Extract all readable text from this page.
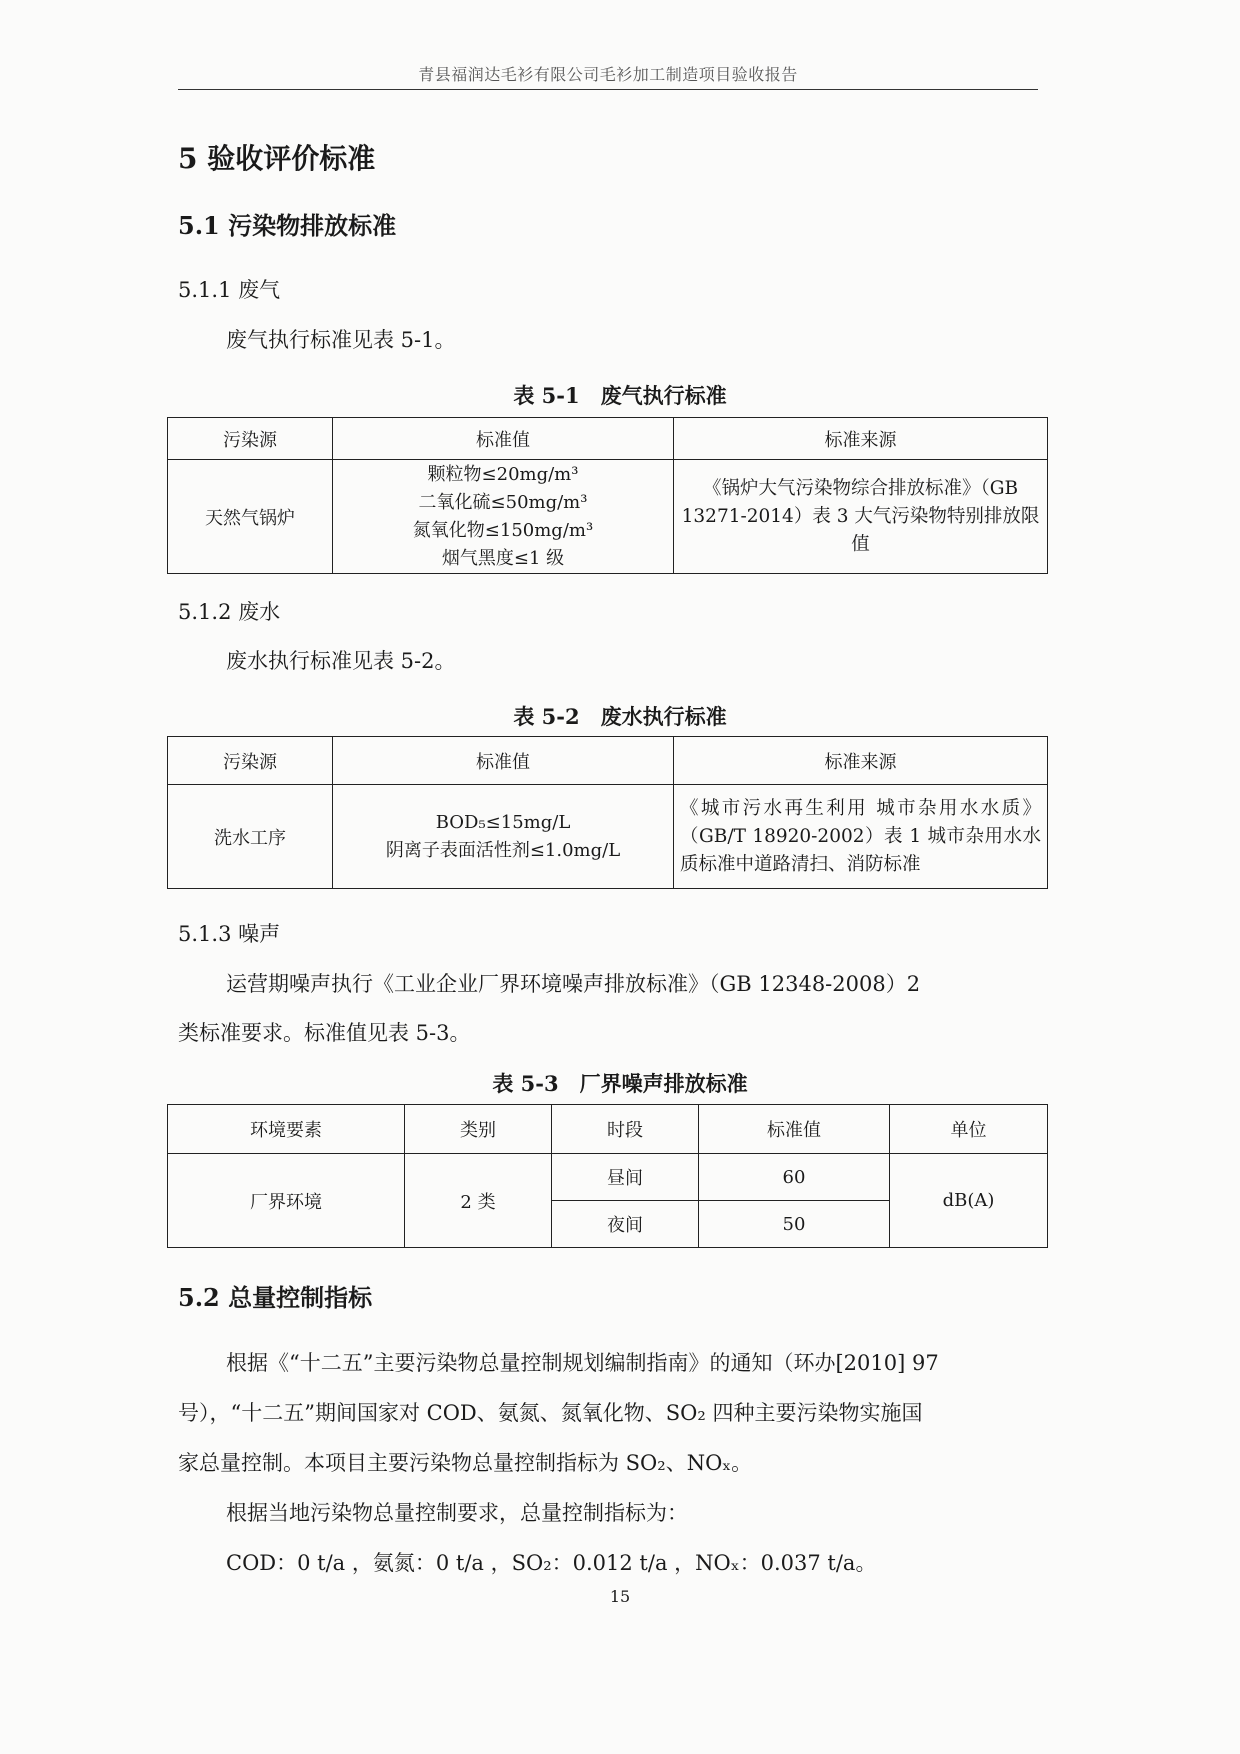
青县福润达毛衫有限公司毛衫加工制造项目验收报告
5 验收评价标准
5.1 污染物排放标准
5.1.1 废气
废气执行标准见表 5-1。
表 5-1　废气执行标准
污染源	标准值	标准来源
天然气锅炉	颗粒物≤20mg/m³
二氧化硫≤50mg/m³
氮氧化物≤150mg/m³
烟气黑度≤1 级	《锅炉大气污染物综合排放标准》（GB 13271-2014）表 3 大气污染物特别排放限值
5.1.2 废水
废水执行标准见表 5-2。
表 5-2　废水执行标准
污染源	标准值	标准来源
洗水工序	BOD₅≤15mg/L
阴离子表面活性剂≤1.0mg/L	《城市污水再生利用 城市杂用水水质》（GB/T 18920-2002）表 1 城市杂用水水质标准中道路清扫、消防标准
5.1.3 噪声
运营期噪声执行《工业企业厂界环境噪声排放标准》（GB 12348-2008）2
类标准要求。标准值见表 5-3。
表 5-3　厂界噪声排放标准
环境要素	类别	时段	标准值	单位
厂界环境	2 类	昼间	60	dB(A)
		夜间	50	
5.2 总量控制指标
根据《“十二五”主要污染物总量控制规划编制指南》的通知（环办[2010] 97
号），“十二五”期间国家对 COD、氨氮、氮氧化物、SO₂ 四种主要污染物实施国
家总量控制。本项目主要污染物总量控制指标为 SO₂、NOₓ。
根据当地污染物总量控制要求，总量控制指标为：
COD：0 t/a ，氨氮：0 t/a ，SO₂：0.012 t/a ，NOₓ：0.037 t/a。
15
